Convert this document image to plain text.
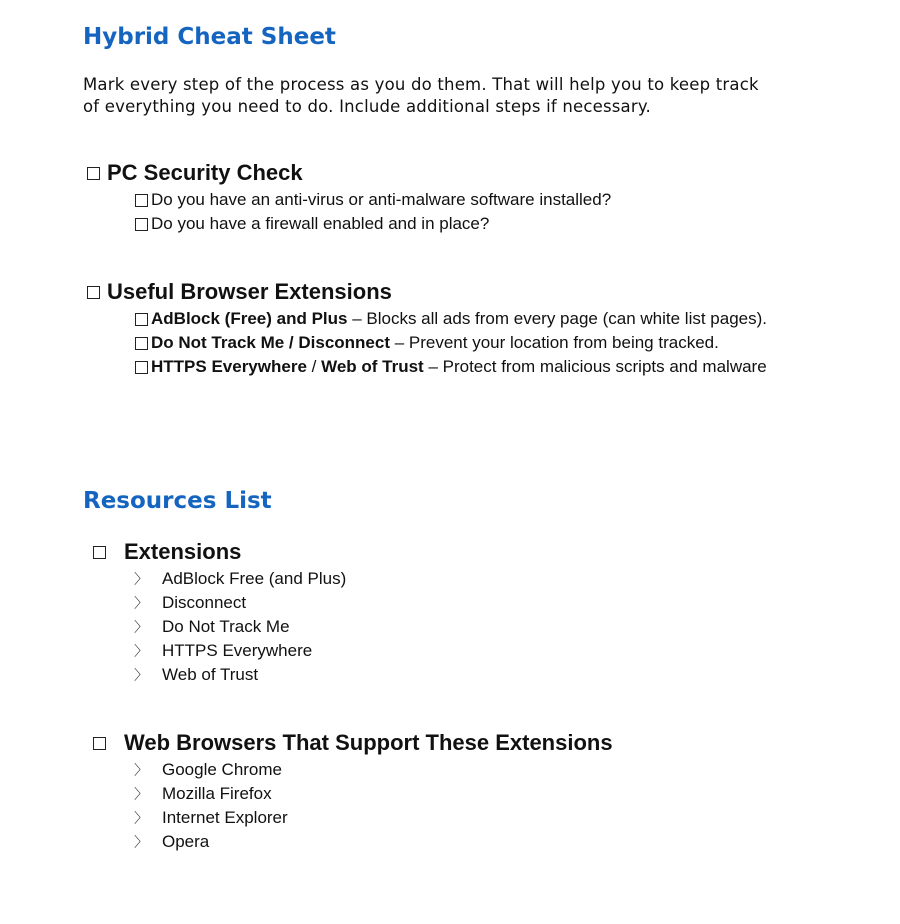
Hybrid Cheat Sheet
Mark every step of the process as you do them. That will help you to keep track
of everything you need to do. Include additional steps if necessary.
PC Security Check
Do you have an anti-virus or anti-malware software installed?
Do you have a firewall enabled and in place?
Useful Browser Extensions
AdBlock (Free) and Plus – Blocks all ads from every page (can white list pages).
Do Not Track Me / Disconnect – Prevent your location from being tracked.
HTTPS Everywhere / Web of Trust – Protect from malicious scripts and malware
Resources List
Extensions
〉 AdBlock Free (and Plus)
〉 Disconnect
〉 Do Not Track Me
〉 HTTPS Everywhere
〉 Web of Trust
Web Browsers That Support These Extensions
〉 Google Chrome
〉 Mozilla Firefox
〉 Internet Explorer
〉 Opera
